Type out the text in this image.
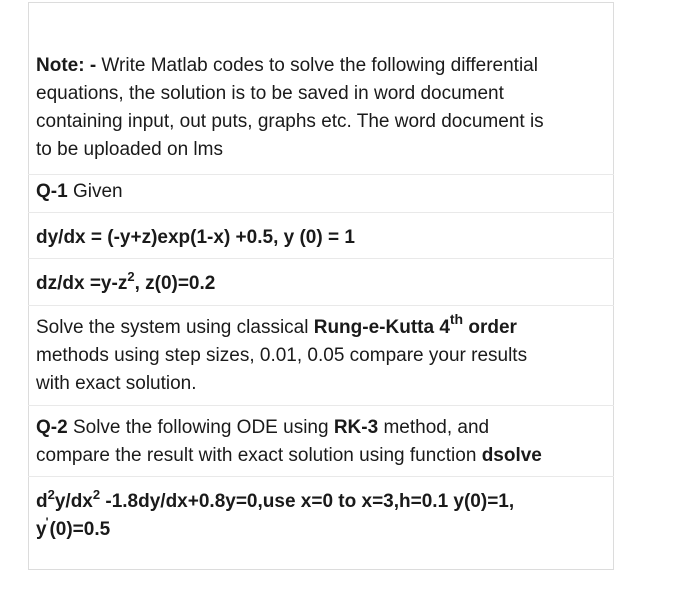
Note: - Write Matlab codes to solve the following differential
equations, the solution is to be saved in word document
containing input, out puts, graphs etc. The word document is
to be uploaded on lms
Q-1 Given
dy/dx = (-y+z)exp(1-x) +0.5, y (0) = 1
$dz/dx =y-z^2$, z(0)=0.2
Solve the system using classical Rung-e-Kutta 4th order
methods using step sizes, 0.01, 0.05 compare your results
with exact solution.
Q-2 Solve the following ODE using RK-3 method, and
compare the result with exact solution using function dsolve
$d^2y/dx^2$ -1.8dy/dx+0.8y=0,use x=0 to x=3,h=0.1 y(0)=1,
y'(0)=0.5
